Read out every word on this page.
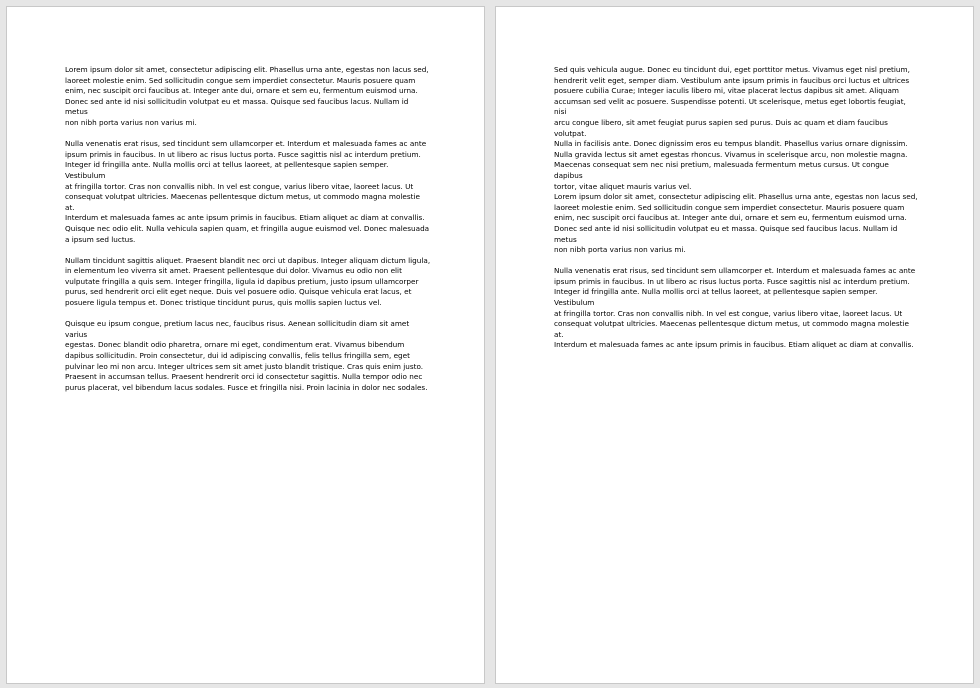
Lorem ipsum dolor sit amet, consectetur adipiscing elit. Phasellus urna ante, egestas non lacus sed,
laoreet molestie enim. Sed sollicitudin congue sem imperdiet consectetur. Mauris posuere quam
enim, nec suscipit orci faucibus at. Integer ante dui, ornare et sem eu, fermentum euismod urna.
Donec sed ante id nisi sollicitudin volutpat eu et massa. Quisque sed faucibus lacus. Nullam id metus
non nibh porta varius non varius mi.

Nulla venenatis erat risus, sed tincidunt sem ullamcorper et. Interdum et malesuada fames ac ante
ipsum primis in faucibus. In ut libero ac risus luctus porta. Fusce sagittis nisl ac interdum pretium.
Integer id fringilla ante. Nulla mollis orci at tellus laoreet, at pellentesque sapien semper. Vestibulum
at fringilla tortor. Cras non convallis nibh. In vel est congue, varius libero vitae, laoreet lacus. Ut
consequat volutpat ultricies. Maecenas pellentesque dictum metus, ut commodo magna molestie at.
Interdum et malesuada fames ac ante ipsum primis in faucibus. Etiam aliquet ac diam at convallis.
Quisque nec odio elit. Nulla vehicula sapien quam, et fringilla augue euismod vel. Donec malesuada
a ipsum sed luctus.

Nullam tincidunt sagittis aliquet. Praesent blandit nec orci ut dapibus. Integer aliquam dictum ligula,
in elementum leo viverra sit amet. Praesent pellentesque dui dolor. Vivamus eu odio non elit
vulputate fringilla a quis sem. Integer fringilla, ligula id dapibus pretium, justo ipsum ullamcorper
purus, sed hendrerit orci elit eget neque. Duis vel posuere odio. Quisque vehicula erat lacus, et
posuere ligula tempus et. Donec tristique tincidunt purus, quis mollis sapien luctus vel.

Quisque eu ipsum congue, pretium lacus nec, faucibus risus. Aenean sollicitudin diam sit amet varius
egestas. Donec blandit odio pharetra, ornare mi eget, condimentum erat. Vivamus bibendum
dapibus sollicitudin. Proin consectetur, dui id adipiscing convallis, felis tellus fringilla sem, eget
pulvinar leo mi non arcu. Integer ultrices sem sit amet justo blandit tristique. Cras quis enim justo.
Praesent in accumsan tellus. Praesent hendrerit orci id consectetur sagittis. Nulla tempor odio nec
purus placerat, vel bibendum lacus sodales. Fusce et fringilla nisi. Proin lacinia in dolor nec sodales.

Sed quis vehicula augue. Donec eu tincidunt dui, eget porttitor metus. Vivamus eget nisl pretium,
hendrerit velit eget, semper diam. Vestibulum ante ipsum primis in faucibus orci luctus et ultrices
posuere cubilia Curae; Integer iaculis libero mi, vitae placerat lectus dapibus sit amet. Aliquam
accumsan sed velit ac posuere. Suspendisse potenti. Ut scelerisque, metus eget lobortis feugiat, nisi
arcu congue libero, sit amet feugiat purus sapien sed purus. Duis ac quam et diam faucibus volutpat.
Nulla in facilisis ante. Donec dignissim eros eu tempus blandit. Phasellus varius ornare dignissim.
Nulla gravida lectus sit amet egestas rhoncus. Vivamus in scelerisque arcu, non molestie magna.
Maecenas consequat sem nec nisi pretium, malesuada fermentum metus cursus. Ut congue dapibus
tortor, vitae aliquet mauris varius vel.

Lorem ipsum dolor sit amet, consectetur adipiscing elit. Phasellus urna ante, egestas non lacus sed,
laoreet molestie enim. Sed sollicitudin congue sem imperdiet consectetur. Mauris posuere quam
enim, nec suscipit orci faucibus at. Integer ante dui, ornare et sem eu, fermentum euismod urna.
Donec sed ante id nisi sollicitudin volutpat eu et massa. Quisque sed faucibus lacus. Nullam id metus
non nibh porta varius non varius mi.

Nulla venenatis erat risus, sed tincidunt sem ullamcorper et. Interdum et malesuada fames ac ante
ipsum primis in faucibus. In ut libero ac risus luctus porta. Fusce sagittis nisl ac interdum pretium.
Integer id fringilla ante. Nulla mollis orci at tellus laoreet, at pellentesque sapien semper. Vestibulum
at fringilla tortor. Cras non convallis nibh. In vel est congue, varius libero vitae, laoreet lacus. Ut
consequat volutpat ultricies. Maecenas pellentesque dictum metus, ut commodo magna molestie at.
Interdum et malesuada fames ac ante ipsum primis in faucibus. Etiam aliquet ac diam at convallis.
